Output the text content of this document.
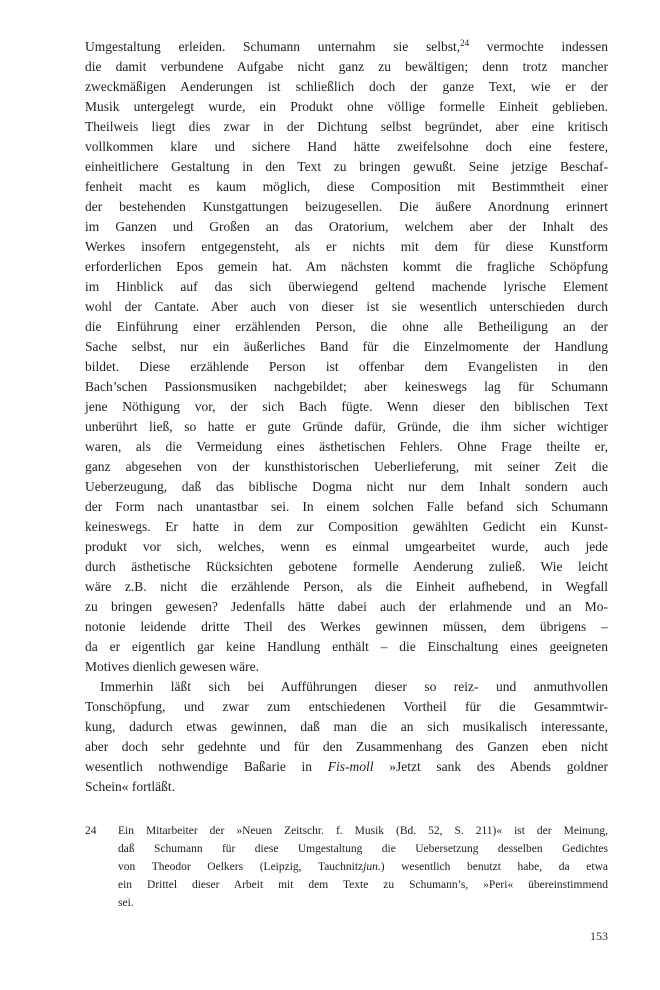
Umgestaltung erleiden. Schumann unternahm sie selbst,$^{24}$ vermochte indessen
die damit verbundene Aufgabe nicht ganz zu bewältigen; denn trotz mancher
zweckmäßigen Aenderungen ist schließlich doch der ganze Text, wie er der
Musik untergelegt wurde, ein Produkt ohne völlige formelle Einheit geblieben.
Theilweis liegt dies zwar in der Dichtung selbst begründet, aber eine kritisch
vollkommen klare und sichere Hand hätte zweifelsohne doch eine festere,
einheitlichere Gestaltung in den Text zu bringen gewußt. Seine jetzige Beschaf-
fenheit macht es kaum möglich, diese Composition mit Bestimmtheit einer
der bestehenden Kunstgattungen beizugesellen. Die äußere Anordnung erinnert
im Ganzen und Großen an das Oratorium, welchem aber der Inhalt des
Werkes insofern entgegensteht, als er nichts mit dem für diese Kunstform
erforderlichen Epos gemein hat. Am nächsten kommt die fragliche Schöpfung
im Hinblick auf das sich überwiegend geltend machende lyrische Element
wohl der Cantate. Aber auch von dieser ist sie wesentlich unterschieden durch
die Einführung einer erzählenden Person, die ohne alle Betheiligung an der
Sache selbst, nur ein äußerliches Band für die Einzelmomente der Handlung
bildet. Diese erzählende Person ist offenbar dem Evangelisten in den
Bach’schen Passionsmusiken nachgebildet; aber keineswegs lag für Schumann
jene Nöthigung vor, der sich Bach fügte. Wenn dieser den biblischen Text
unberührt ließ, so hatte er gute Gründe dafür, Gründe, die ihm sicher wichtiger
waren, als die Vermeidung eines ästhetischen Fehlers. Ohne Frage theilte er,
ganz abgesehen von der kunsthistorischen Ueberlieferung, mit seiner Zeit die
Ueberzeugung, daß das biblische Dogma nicht nur dem Inhalt sondern auch
der Form nach unantastbar sei. In einem solchen Falle befand sich Schumann
keineswegs. Er hatte in dem zur Composition gewählten Gedicht ein Kunst-
produkt vor sich, welches, wenn es einmal umgearbeitet wurde, auch jede
durch ästhetische Rücksichten gebotene formelle Aenderung zuließ. Wie leicht
wäre z.B. nicht die erzählende Person, als die Einheit aufhebend, in Wegfall
zu bringen gewesen? Jedenfalls hätte dabei auch der erlahmende und an Mo-
notonie leidende dritte Theil des Werkes gewinnen müssen, dem übrigens –
da er eigentlich gar keine Handlung enthält – die Einschaltung eines geeigneten
Motives dienlich gewesen wäre.
Immerhin läßt sich bei Aufführungen dieser so reiz- und anmuthvollen
Tonschöpfung, und zwar zum entschiedenen Vortheil für die Gesammtwir-
kung, dadurch etwas gewinnen, daß man die an sich musikalisch interessante,
aber doch sehr gedehnte und für den Zusammenhang des Ganzen eben nicht
wesentlich nothwendige Baßarie in Fis-moll »Jetzt sank des Abends goldner
Schein« fortläßt.
24	Ein Mitarbeiter der »Neuen Zeitschr. f. Musik (Bd. 52, S. 211)« ist der Meinung,
daß Schumann für diese Umgestaltung die Uebersetzung desselben Gedichtes
von Theodor Oelkers (Leipzig, Tauchnitzjun.) wesentlich benutzt habe, da etwa
ein Drittel dieser Arbeit mit dem Texte zu Schumann’s, »Peri« übereinstimmend
sei.
153
